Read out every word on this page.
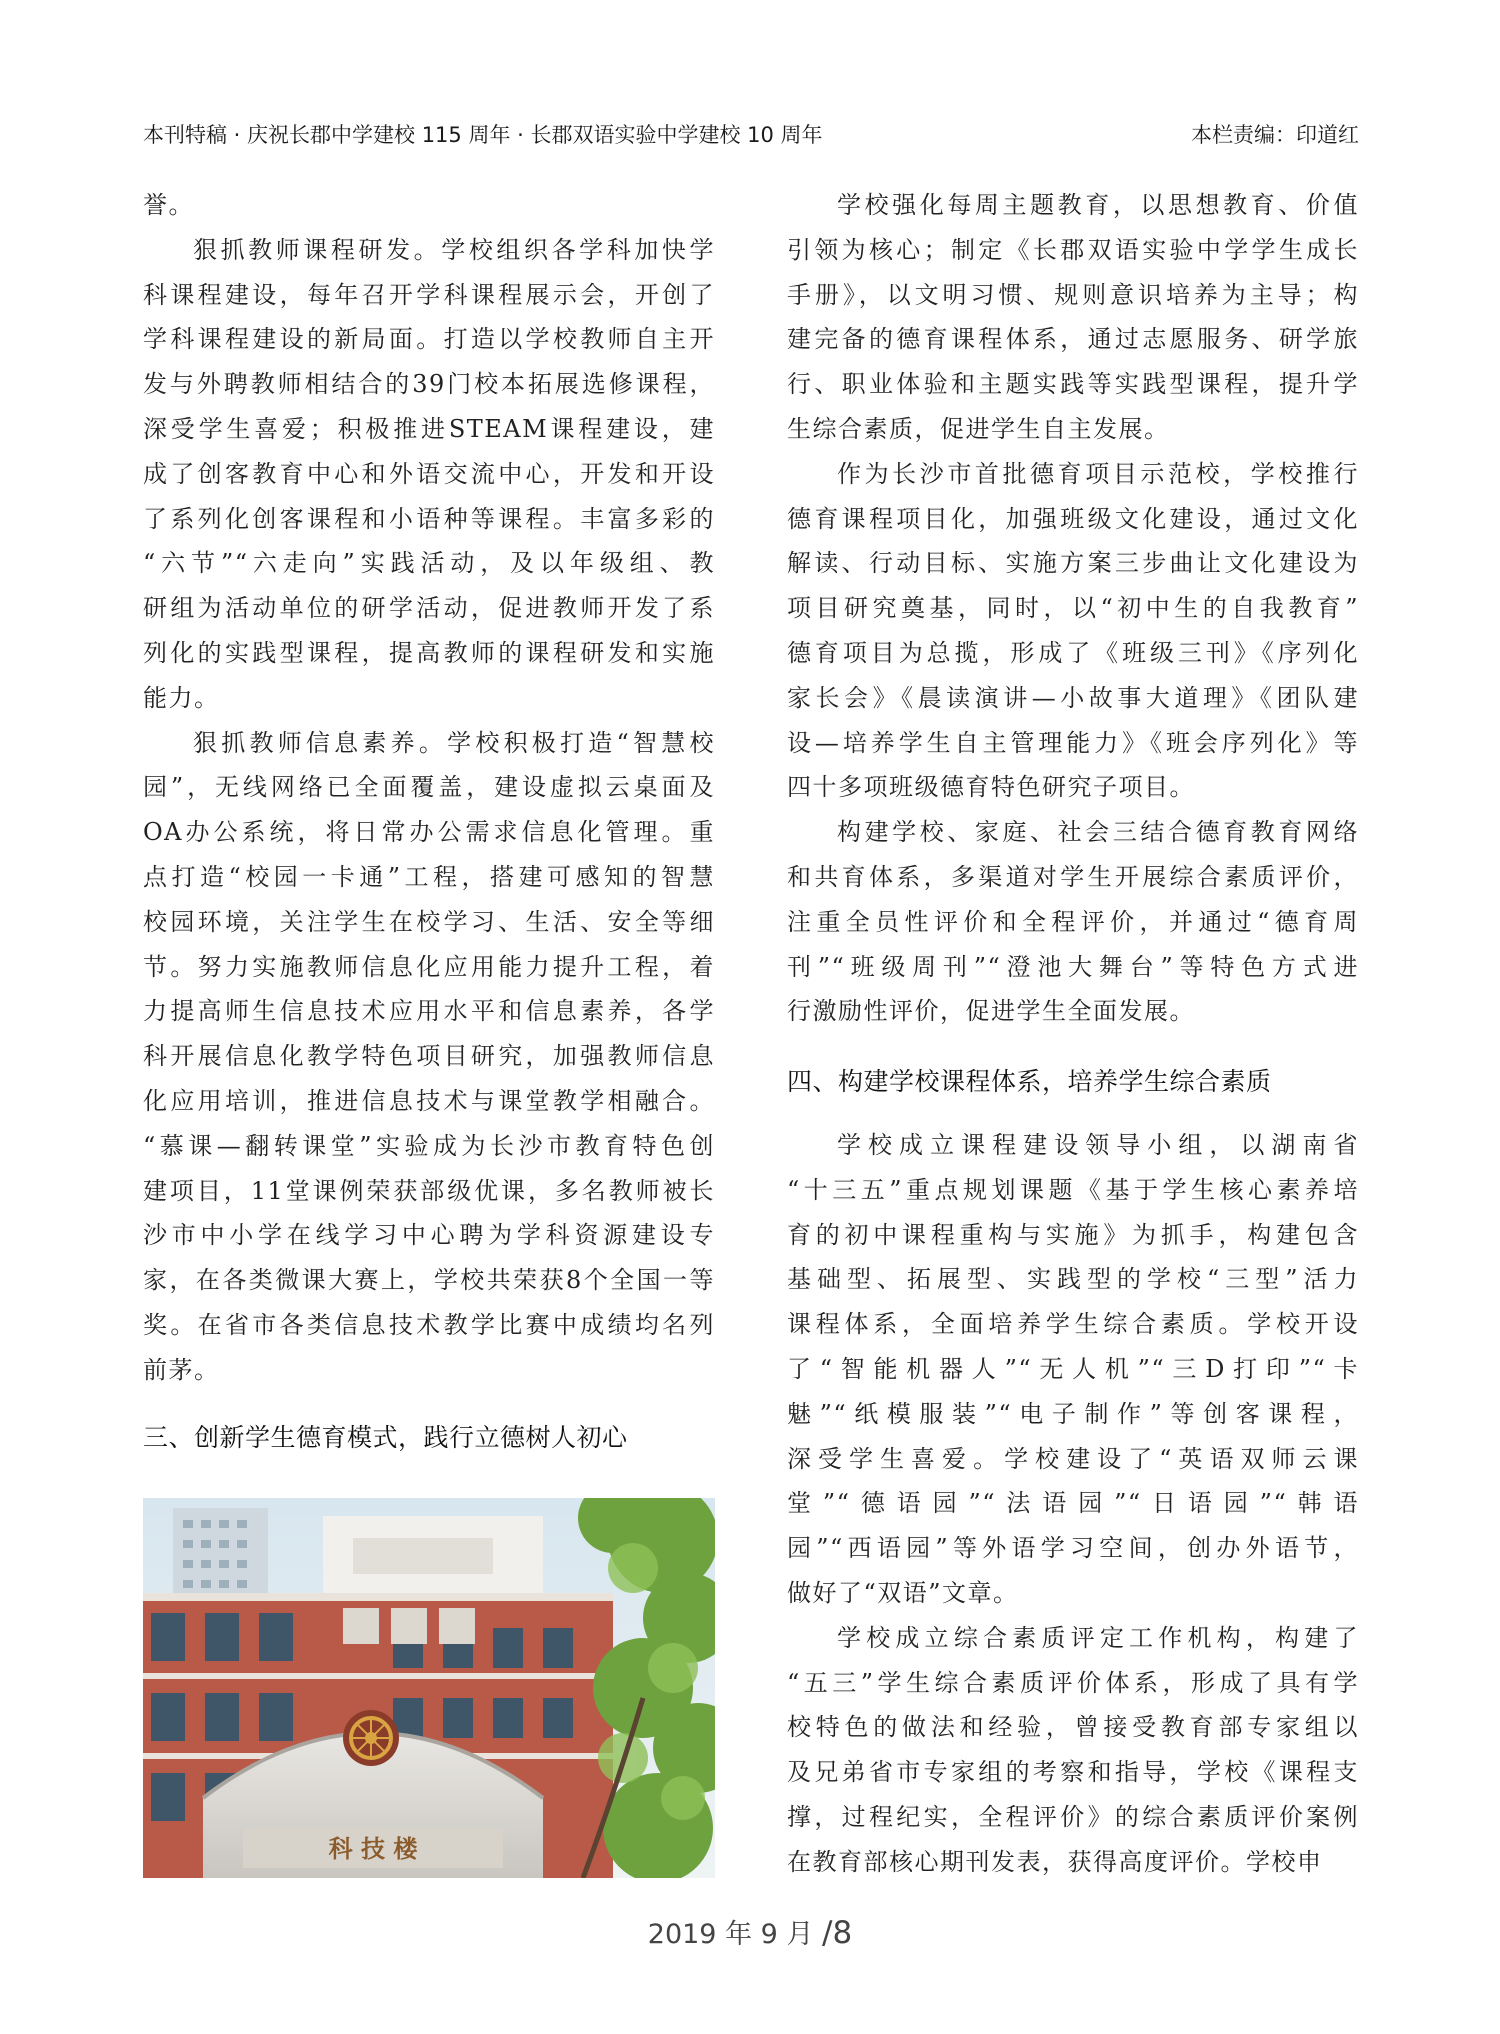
本刊特稿 · 庆祝长郡中学建校 115 周年 · 长郡双语实验中学建校 10 周年	本栏责编：印道红
誉。
狠抓教师课程研发。学校组织各学科加快学
科课程建设，每年召开学科课程展示会，开创了
学科课程建设的新局面。打造以学校教师自主开
发与外聘教师相结合的39门校本拓展选修课程，
深受学生喜爱；积极推进STEAM课程建设，建
成了创客教育中心和外语交流中心，开发和开设
了系列化创客课程和小语种等课程。丰富多彩的
“六节”“六走向”实践活动，及以年级组、教
研组为活动单位的研学活动，促进教师开发了系
列化的实践型课程，提高教师的课程研发和实施
能力。
狠抓教师信息素养。学校积极打造“智慧校
园”，无线网络已全面覆盖，建设虚拟云桌面及
OA办公系统，将日常办公需求信息化管理。重
点打造“校园一卡通”工程，搭建可感知的智慧
校园环境，关注学生在校学习、生活、安全等细
节。努力实施教师信息化应用能力提升工程，着
力提高师生信息技术应用水平和信息素养，各学
科开展信息化教学特色项目研究，加强教师信息
化应用培训，推进信息技术与课堂教学相融合。
“慕课—翻转课堂”实验成为长沙市教育特色创
建项目，11堂课例荣获部级优课，多名教师被长
沙市中小学在线学习中心聘为学科资源建设专
家，在各类微课大赛上，学校共荣获8个全国一等
奖。在省市各类信息技术教学比赛中成绩均名列
前茅。
三、创新学生德育模式，践行立德树人初心
科 技 楼
学校强化每周主题教育，以思想教育、价值
引领为核心；制定《长郡双语实验中学学生成长
手册》，以文明习惯、规则意识培养为主导；构
建完备的德育课程体系，通过志愿服务、研学旅
行、职业体验和主题实践等实践型课程，提升学
生综合素质，促进学生自主发展。
作为长沙市首批德育项目示范校，学校推行
德育课程项目化，加强班级文化建设，通过文化
解读、行动目标、实施方案三步曲让文化建设为
项目研究奠基，同时，以“初中生的自我教育”
德育项目为总揽，形成了《班级三刊》《序列化
家长会》《晨读演讲—小故事大道理》《团队建
设—培养学生自主管理能力》《班会序列化》等
四十多项班级德育特色研究子项目。
构建学校、家庭、社会三结合德育教育网络
和共育体系，多渠道对学生开展综合素质评价，
注重全员性评价和全程评价，并通过“德育周
刊”“班级周刊”“澄池大舞台”等特色方式进
行激励性评价，促进学生全面发展。
四、构建学校课程体系，培养学生综合素质
学校成立课程建设领导小组，以湖南省
“十三五”重点规划课题《基于学生核心素养培
育的初中课程重构与实施》为抓手，构建包含
基础型、拓展型、实践型的学校“三型”活力
课程体系，全面培养学生综合素质。学校开设
了“智能机器人”“无人机”“三D打印”“卡
魅”“纸模服装”“电子制作”等创客课程，
深受学生喜爱。学校建设了“英语双师云课
堂”“德语园”“法语园”“日语园”“韩语
园”“西语园”等外语学习空间，创办外语节，
做好了“双语”文章。
学校成立综合素质评定工作机构，构建了
“五三”学生综合素质评价体系，形成了具有学
校特色的做法和经验，曾接受教育部专家组以
及兄弟省市专家组的考察和指导，学校《课程支
撑，过程纪实，全程评价》的综合素质评价案例
在教育部核心期刊发表，获得高度评价。学校申
2019 年 9 月 /8
